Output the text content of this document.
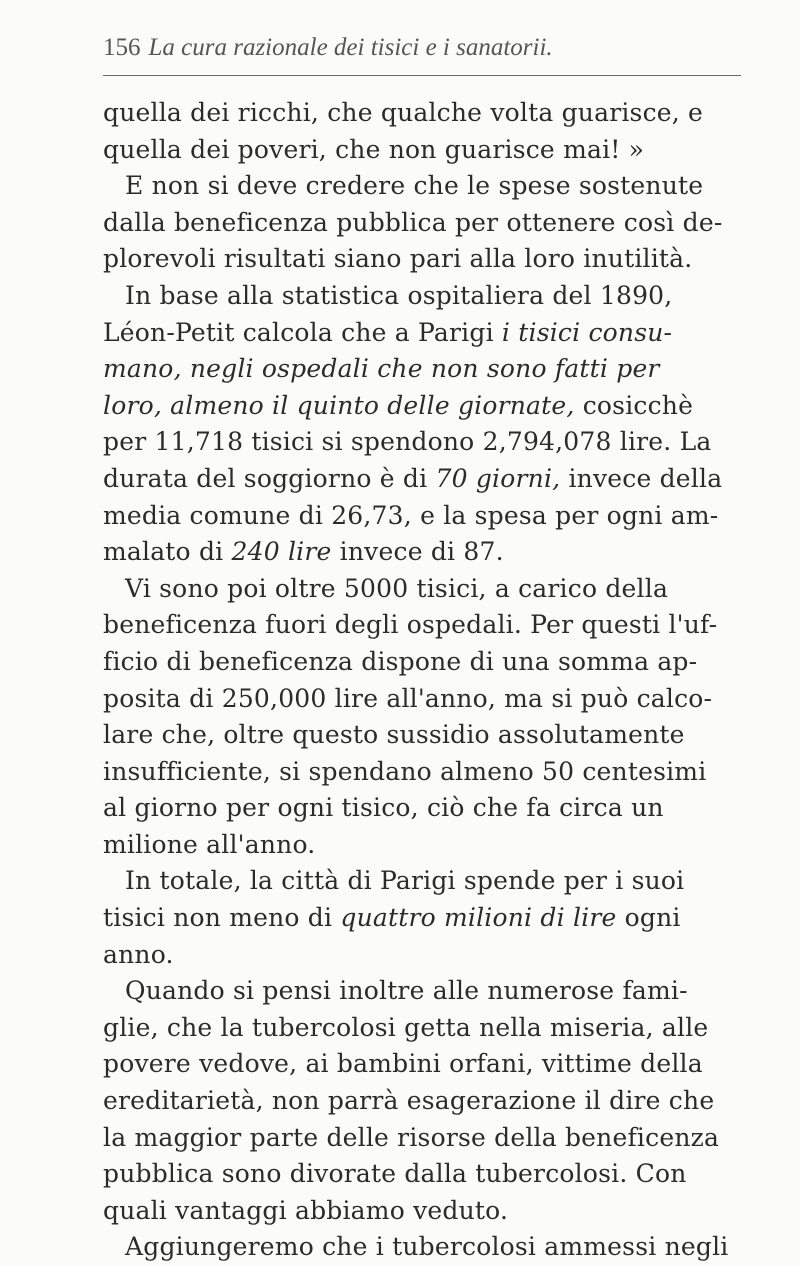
156 La cura razionale dei tisici e i sanatorii.
quella dei ricchi, che qualche volta guarisce, e
quella dei poveri, che non guarisce mai! »
E non si deve credere che le spese sostenute
dalla beneficenza pubblica per ottenere così de-
plorevoli risultati siano pari alla loro inutilità.
In base alla statistica ospitaliera del 1890,
Léon-Petit calcola che a Parigi i tisici consu-
mano, negli ospedali che non sono fatti per
loro, almeno il quinto delle giornate, cosicchè
per 11,718 tisici si spendono 2,794,078 lire. La
durata del soggiorno è di 70 giorni, invece della
media comune di 26,73, e la spesa per ogni am-
malato di 240 lire invece di 87.
Vi sono poi oltre 5000 tisici, a carico della
beneficenza fuori degli ospedali. Per questi l'uf-
ficio di beneficenza dispone di una somma ap-
posita di 250,000 lire all'anno, ma si può calco-
lare che, oltre questo sussidio assolutamente
insufficiente, si spendano almeno 50 centesimi
al giorno per ogni tisico, ciò che fa circa un
milione all'anno.
In totale, la città di Parigi spende per i suoi
tisici non meno di quattro milioni di lire ogni
anno.
Quando si pensi inoltre alle numerose fami-
glie, che la tubercolosi getta nella miseria, alle
povere vedove, ai bambini orfani, vittime della
ereditarietà, non parrà esagerazione il dire che
la maggior parte delle risorse della beneficenza
pubblica sono divorate dalla tubercolosi. Con
quali vantaggi abbiamo veduto.
Aggiungeremo che i tubercolosi ammessi negli
